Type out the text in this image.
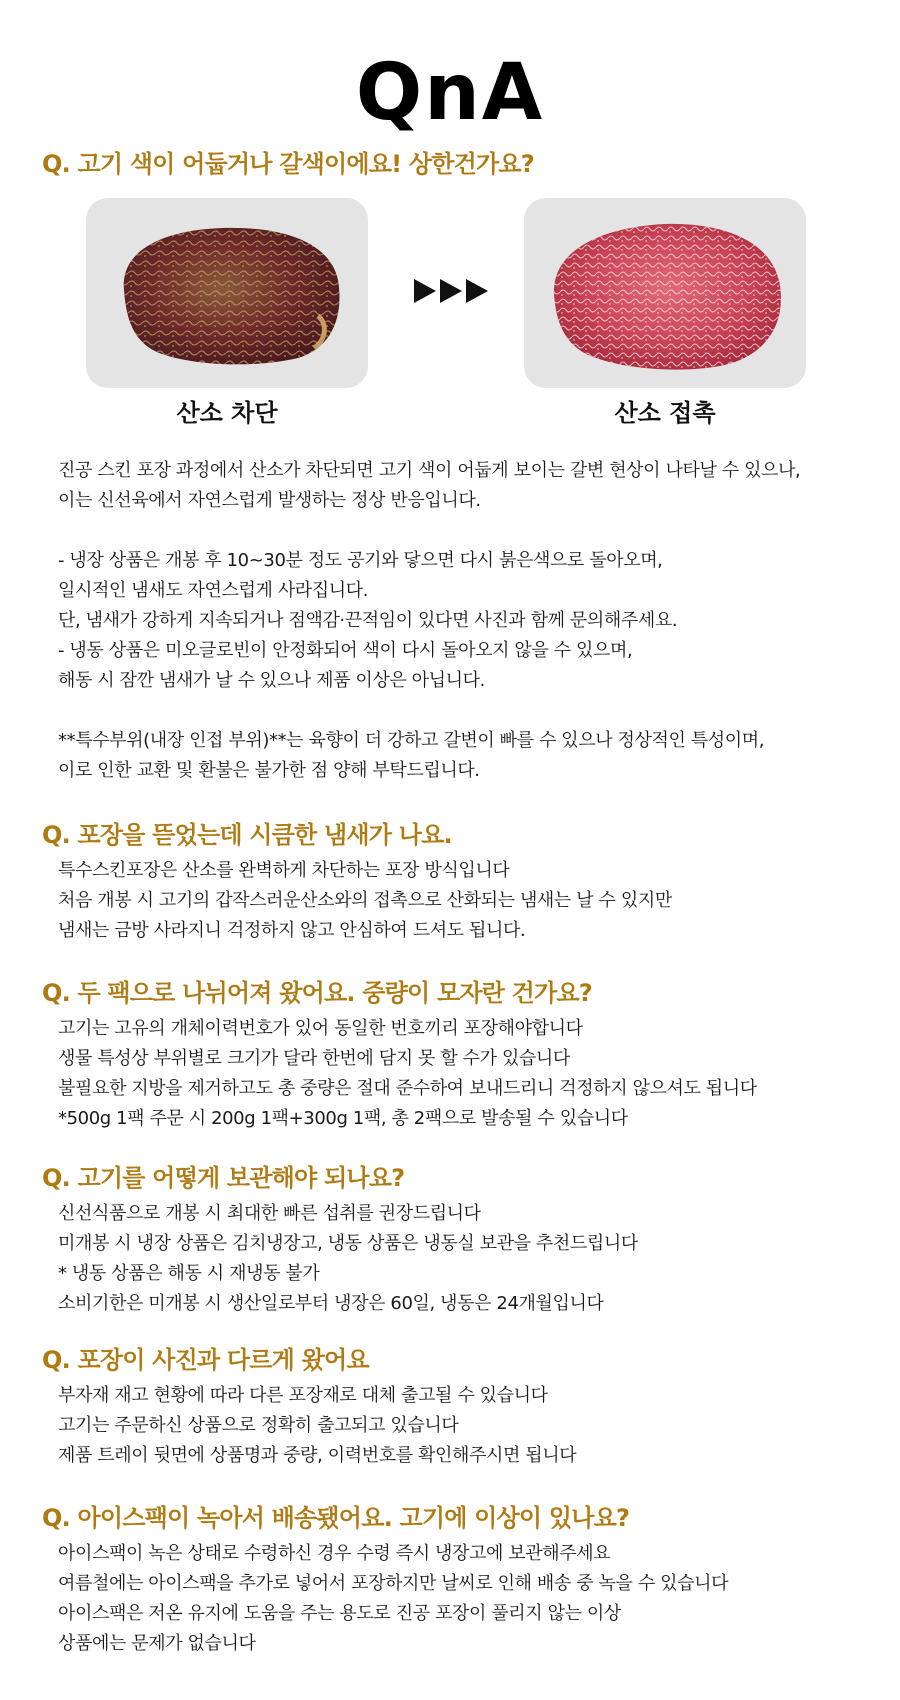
QnA
Q. 고기 색이 어둡거나 갈색이에요! 상한건가요?
산소 차단	산소 접촉
진공 스킨 포장 과정에서 산소가 차단되면 고기 색이 어둡게 보이는 갈변 현상이 나타날 수 있으나,
이는 신선육에서 자연스럽게 발생하는 정상 반응입니다.
- 냉장 상품은 개봉 후 10~30분 정도 공기와 닿으면 다시 붉은색으로 돌아오며,
일시적인 냄새도 자연스럽게 사라집니다.
단, 냄새가 강하게 지속되거나 점액감·끈적임이 있다면 사진과 함께 문의해주세요.
- 냉동 상품은 미오글로빈이 안정화되어 색이 다시 돌아오지 않을 수 있으며,
해동 시 잠깐 냄새가 날 수 있으나 제품 이상은 아닙니다.
**특수부위(내장 인접 부위)**는 육향이 더 강하고 갈변이 빠를 수 있으나 정상적인 특성이며,
이로 인한 교환 및 환불은 불가한 점 양해 부탁드립니다.
Q. 포장을 뜯었는데 시큼한 냄새가 나요.
특수스킨포장은 산소를 완벽하게 차단하는 포장 방식입니다
처음 개봉 시 고기의 갑작스러운산소와의 접촉으로 산화되는 냄새는 날 수 있지만
냄새는 금방 사라지니 걱정하지 않고 안심하여 드셔도 됩니다.
Q. 두 팩으로 나뉘어져 왔어요. 중량이 모자란 건가요?
고기는 고유의 개체이력번호가 있어 동일한 번호끼리 포장해야합니다
생물 특성상 부위별로 크기가 달라 한번에 담지 못 할 수가 있습니다
불필요한 지방을 제거하고도 총 중량은 절대 준수하여 보내드리니 걱정하지 않으셔도 됩니다
*500g 1팩 주문 시 200g 1팩+300g 1팩, 총 2팩으로 발송될 수 있습니다
Q. 고기를 어떻게 보관해야 되나요?
신선식품으로 개봉 시 최대한 빠른 섭취를 권장드립니다
미개봉 시 냉장 상품은 김치냉장고, 냉동 상품은 냉동실 보관을 추천드립니다
* 냉동 상품은 해동 시 재냉동 불가
소비기한은 미개봉 시 생산일로부터 냉장은 60일, 냉동은 24개월입니다
Q. 포장이 사진과 다르게 왔어요
부자재 재고 현황에 따라 다른 포장재로 대체 출고될 수 있습니다
고기는 주문하신 상품으로 정확히 출고되고 있습니다
제품 트레이 뒷면에 상품명과 중량, 이력번호를 확인해주시면 됩니다
Q. 아이스팩이 녹아서 배송됐어요. 고기에 이상이 있나요?
아이스팩이 녹은 상태로 수령하신 경우 수령 즉시 냉장고에 보관해주세요
여름철에는 아이스팩을 추가로 넣어서 포장하지만 날씨로 인해 배송 중 녹을 수 있습니다
아이스팩은 저온 유지에 도움을 주는 용도로 진공 포장이 풀리지 않는 이상
상품에는 문제가 없습니다
